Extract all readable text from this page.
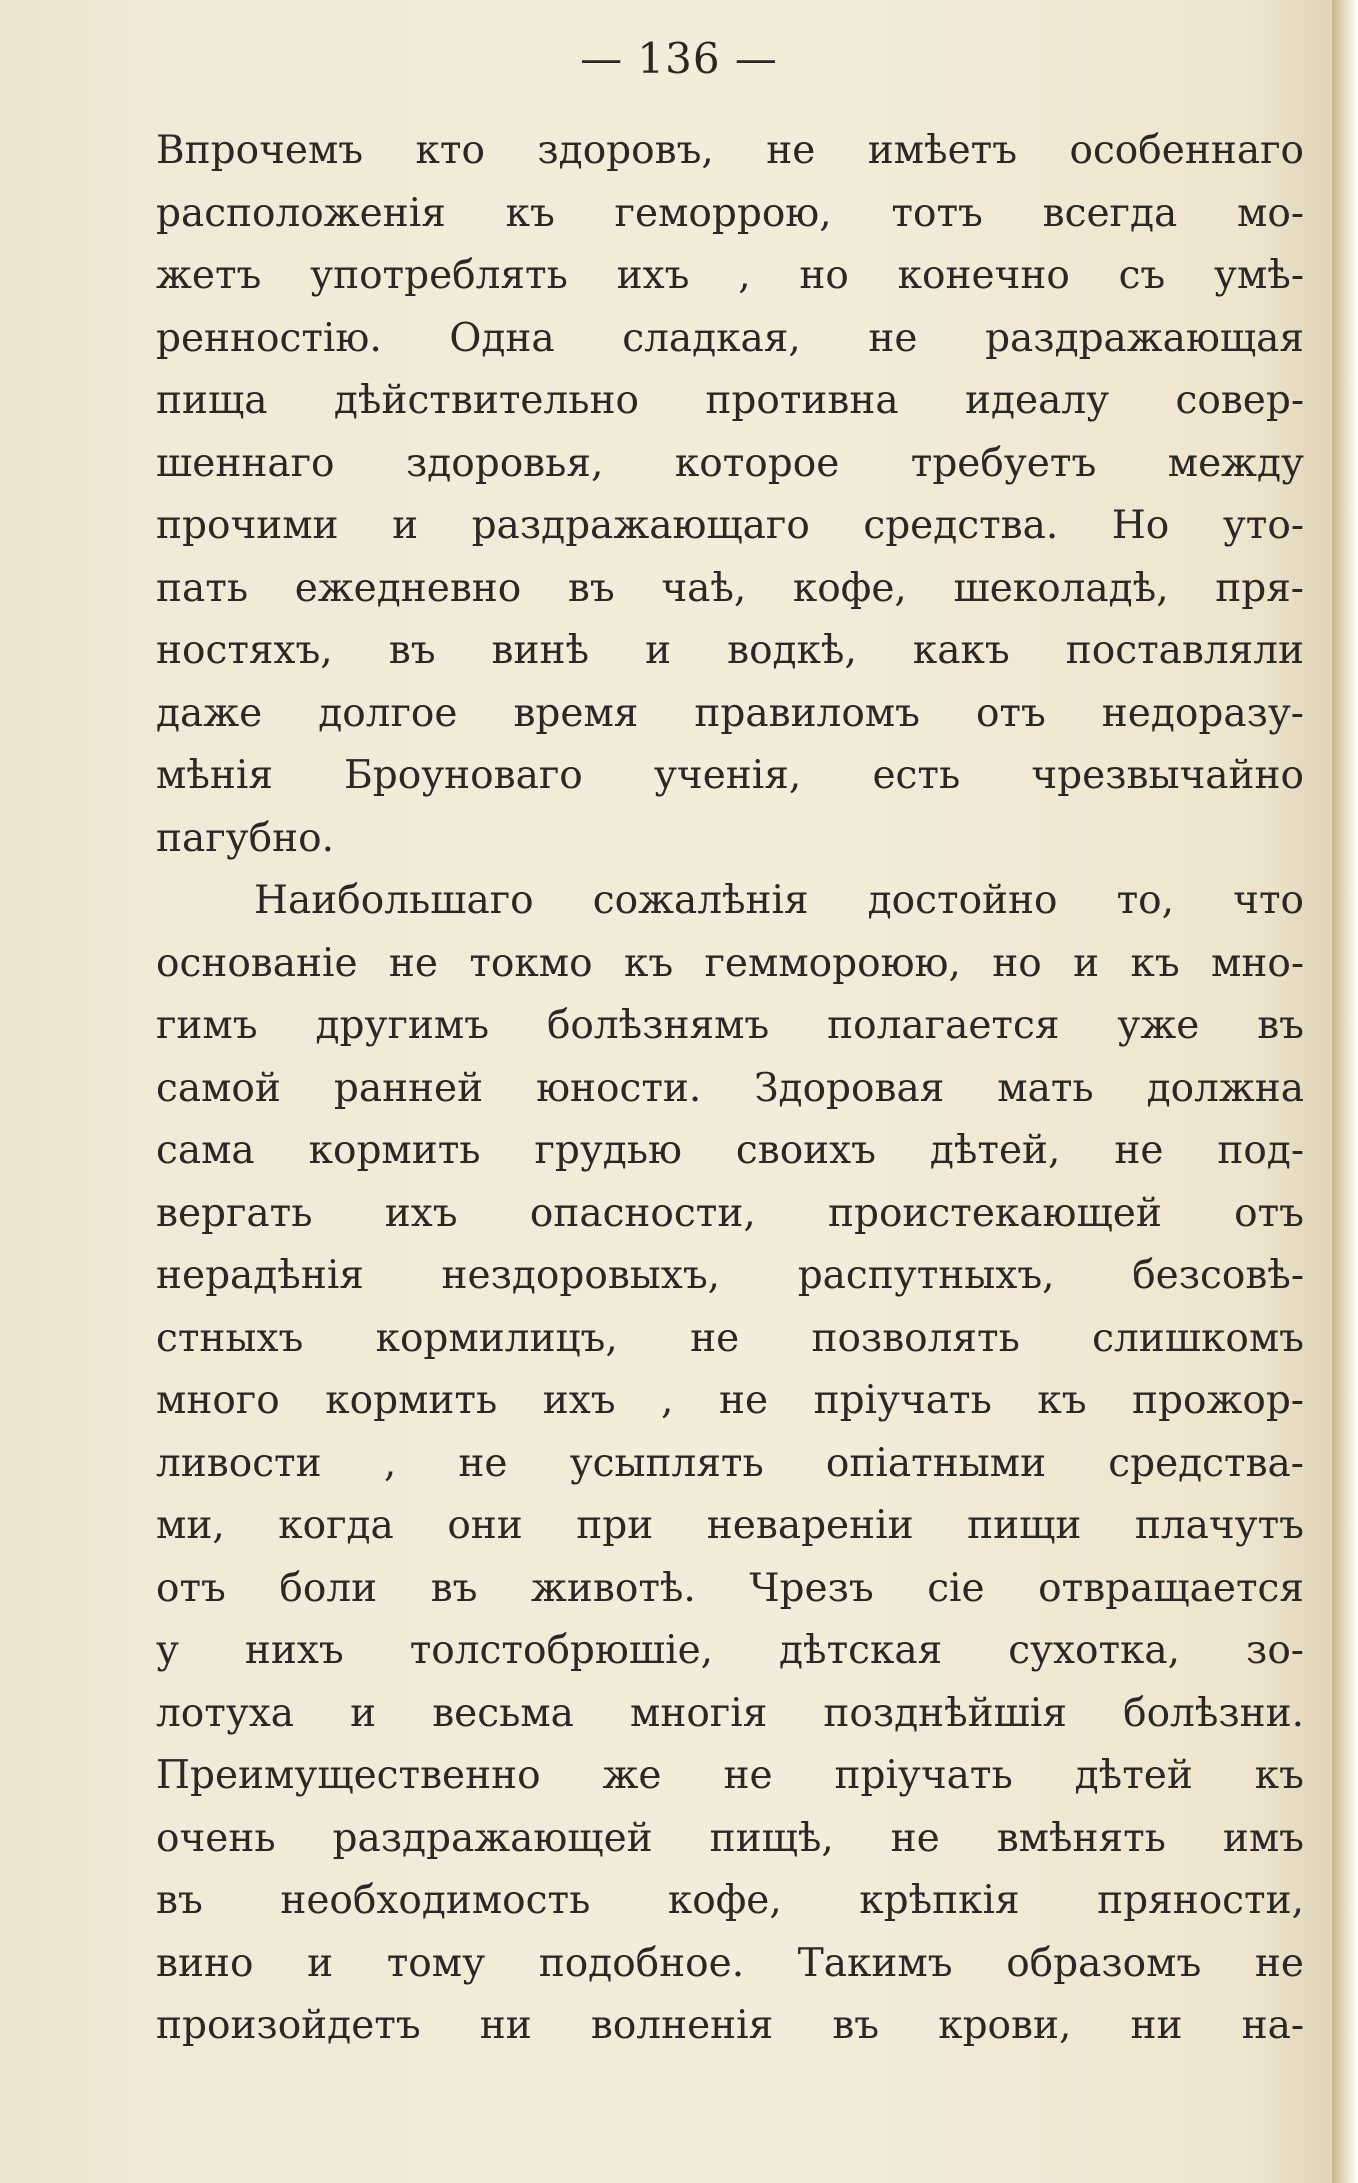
— 136 —
Впрочемъ кто здоровъ, не имѣетъ особеннаго
расположенія къ геморрою, тотъ всегда мо-
жетъ употреблять ихъ , но конечно съ умѣ-
ренностію. Одна сладкая, не раздражающая
пища дѣйствительно противна идеалу совер-
шеннаго здоровья, которое требуетъ между
прочими и раздражающаго средства. Но уто-
пать ежедневно въ чаѣ, кофе, шеколадѣ, пря-
ностяхъ, въ винѣ и водкѣ, какъ поставляли
даже долгое время правиломъ отъ недоразу-
мѣнія Броуноваго ученія, есть чрезвычайно
пагубно.
Наибольшаго сожалѣнія достойно то, что
основаніе не токмо къ геммороюю, но и къ мно-
гимъ другимъ болѣзнямъ полагается уже въ
самой ранней юности. Здоровая мать должна
сама кормить грудью своихъ дѣтей, не под-
вергать ихъ опасности, проистекающей отъ
нерадѣнія нездоровыхъ, распутныхъ, безсовѣ-
стныхъ кормилицъ, не позволять слишкомъ
много кормить ихъ , не пріучать къ прожор-
ливости , не усыплять опіатными средства-
ми, когда они при невареніи пищи плачутъ
отъ боли въ животѣ. Чрезъ сіе отвращается
у нихъ толстобрюшіе, дѣтская сухотка, зо-
лотуха и весьма многія позднѣйшія болѣзни.
Преимущественно же не пріучать дѣтей къ
очень раздражающей пищѣ, не вмѣнять имъ
въ необходимость кофе, крѣпкія пряности,
вино и тому подобное. Такимъ образомъ не
произойдетъ ни волненія въ крови, ни на-
